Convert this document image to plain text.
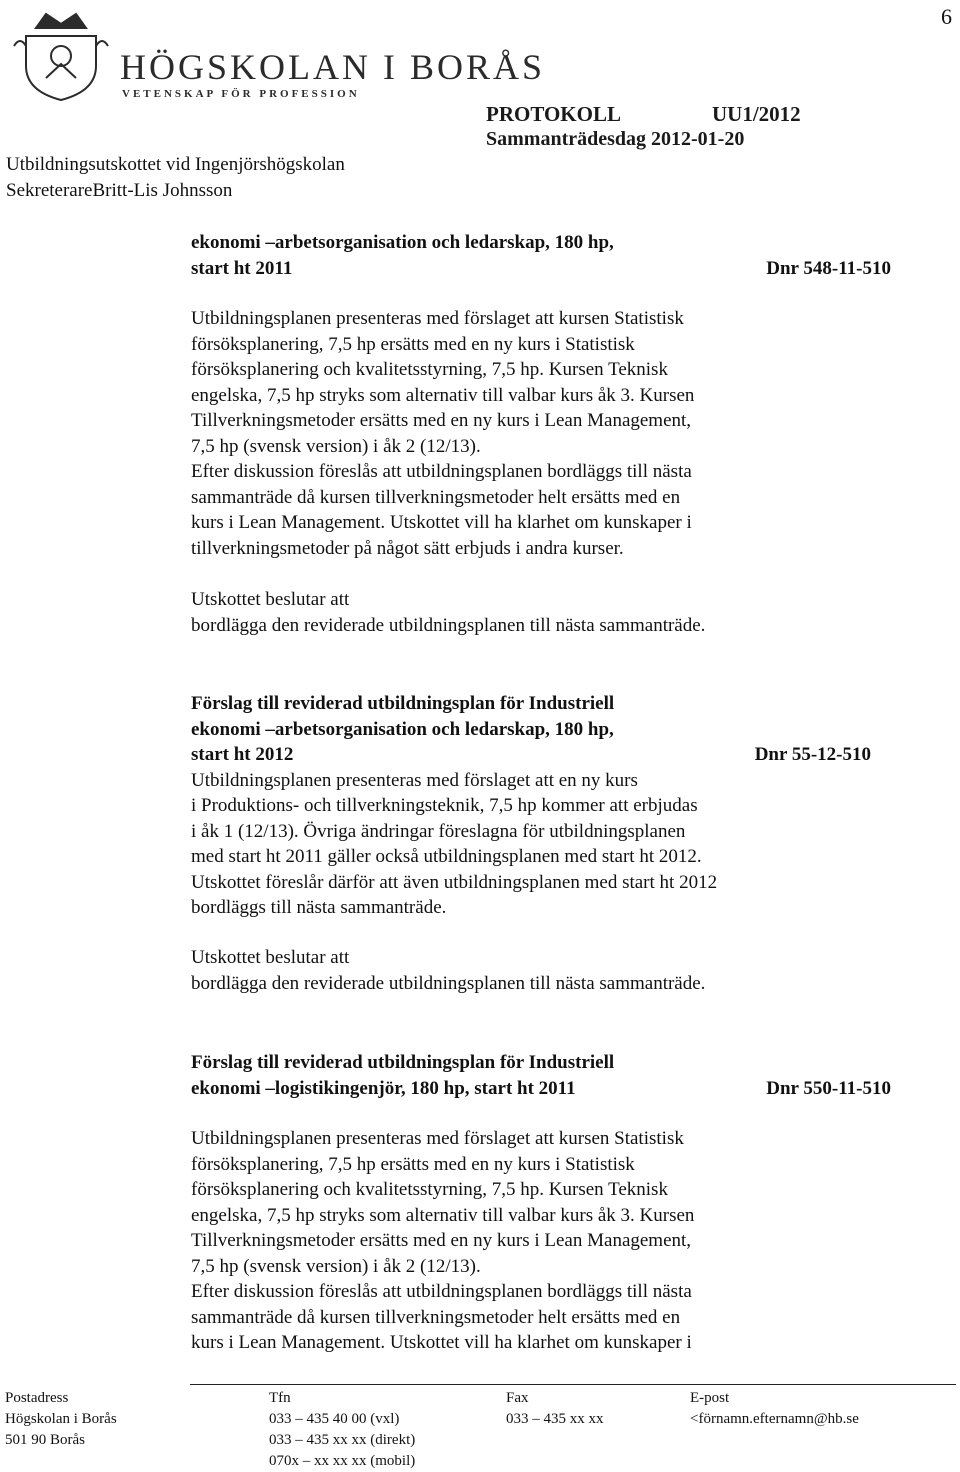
6
HÖGSKOLAN I BORÅS
VETENSKAP FÖR PROFESSION
PROTOKOLL	UU1/2012
Sammanträdesdag 2012-01-20
Utbildningsutskottet vid Ingenjörshögskolan
SekreterareBritt-Lis Johnsson

ekonomi –arbetsorganisation och ledarskap, 180 hp,

start ht 2011	Dnr 548-11-510

Utbildningsplanen presenteras med förslaget att kursen Statistisk

försöksplanering, 7,5 hp ersätts med en ny kurs i Statistisk

försöksplanering och kvalitetsstyrning, 7,5 hp. Kursen Teknisk

engelska, 7,5 hp stryks som alternativ till valbar kurs åk 3. Kursen

Tillverkningsmetoder ersätts med en ny kurs i Lean Management,

7,5 hp (svensk version) i åk 2 (12/13).

Efter diskussion föreslås att utbildningsplanen bordläggs till nästa

sammanträde då kursen tillverkningsmetoder helt ersätts med en

kurs i Lean Management. Utskottet vill ha klarhet om kunskaper i

tillverkningsmetoder på något sätt erbjuds i andra kurser.

Utskottet beslutar att

bordlägga den reviderade utbildningsplanen till nästa sammanträde.

Förslag till reviderad utbildningsplan för Industriell

ekonomi –arbetsorganisation och ledarskap, 180 hp,

start ht 2012	Dnr 55-12-510

Utbildningsplanen presenteras med förslaget att en ny kurs

i Produktions- och tillverkningsteknik, 7,5 hp kommer att erbjudas

i åk 1 (12/13). Övriga ändringar föreslagna för utbildningsplanen

med start ht 2011 gäller också utbildningsplanen med start ht 2012.

Utskottet föreslår därför att även utbildningsplanen med start ht 2012

bordläggs till nästa sammanträde.

Utskottet beslutar att

bordlägga den reviderade utbildningsplanen till nästa sammanträde.

Förslag till reviderad utbildningsplan för Industriell

ekonomi –logistikingenjör, 180 hp, start ht 2011	Dnr 550-11-510

Utbildningsplanen presenteras med förslaget att kursen Statistisk

försöksplanering, 7,5 hp ersätts med en ny kurs i Statistisk

försöksplanering och kvalitetsstyrning, 7,5 hp. Kursen Teknisk

engelska, 7,5 hp stryks som alternativ till valbar kurs åk 3. Kursen

Tillverkningsmetoder ersätts med en ny kurs i Lean Management,

7,5 hp (svensk version) i åk 2 (12/13).

Efter diskussion föreslås att utbildningsplanen bordläggs till nästa

sammanträde då kursen tillverkningsmetoder helt ersätts med en

kurs i Lean Management. Utskottet vill ha klarhet om kunskaper i

Postadress
Högskolan i Borås
501 90 Borås
Tfn
033 – 435 40 00 (vxl)
033 – 435 xx xx (direkt)
070x – xx xx xx (mobil)
Fax
033 – 435 xx xx
E-post
<förnamn.efternamn@hb.se
